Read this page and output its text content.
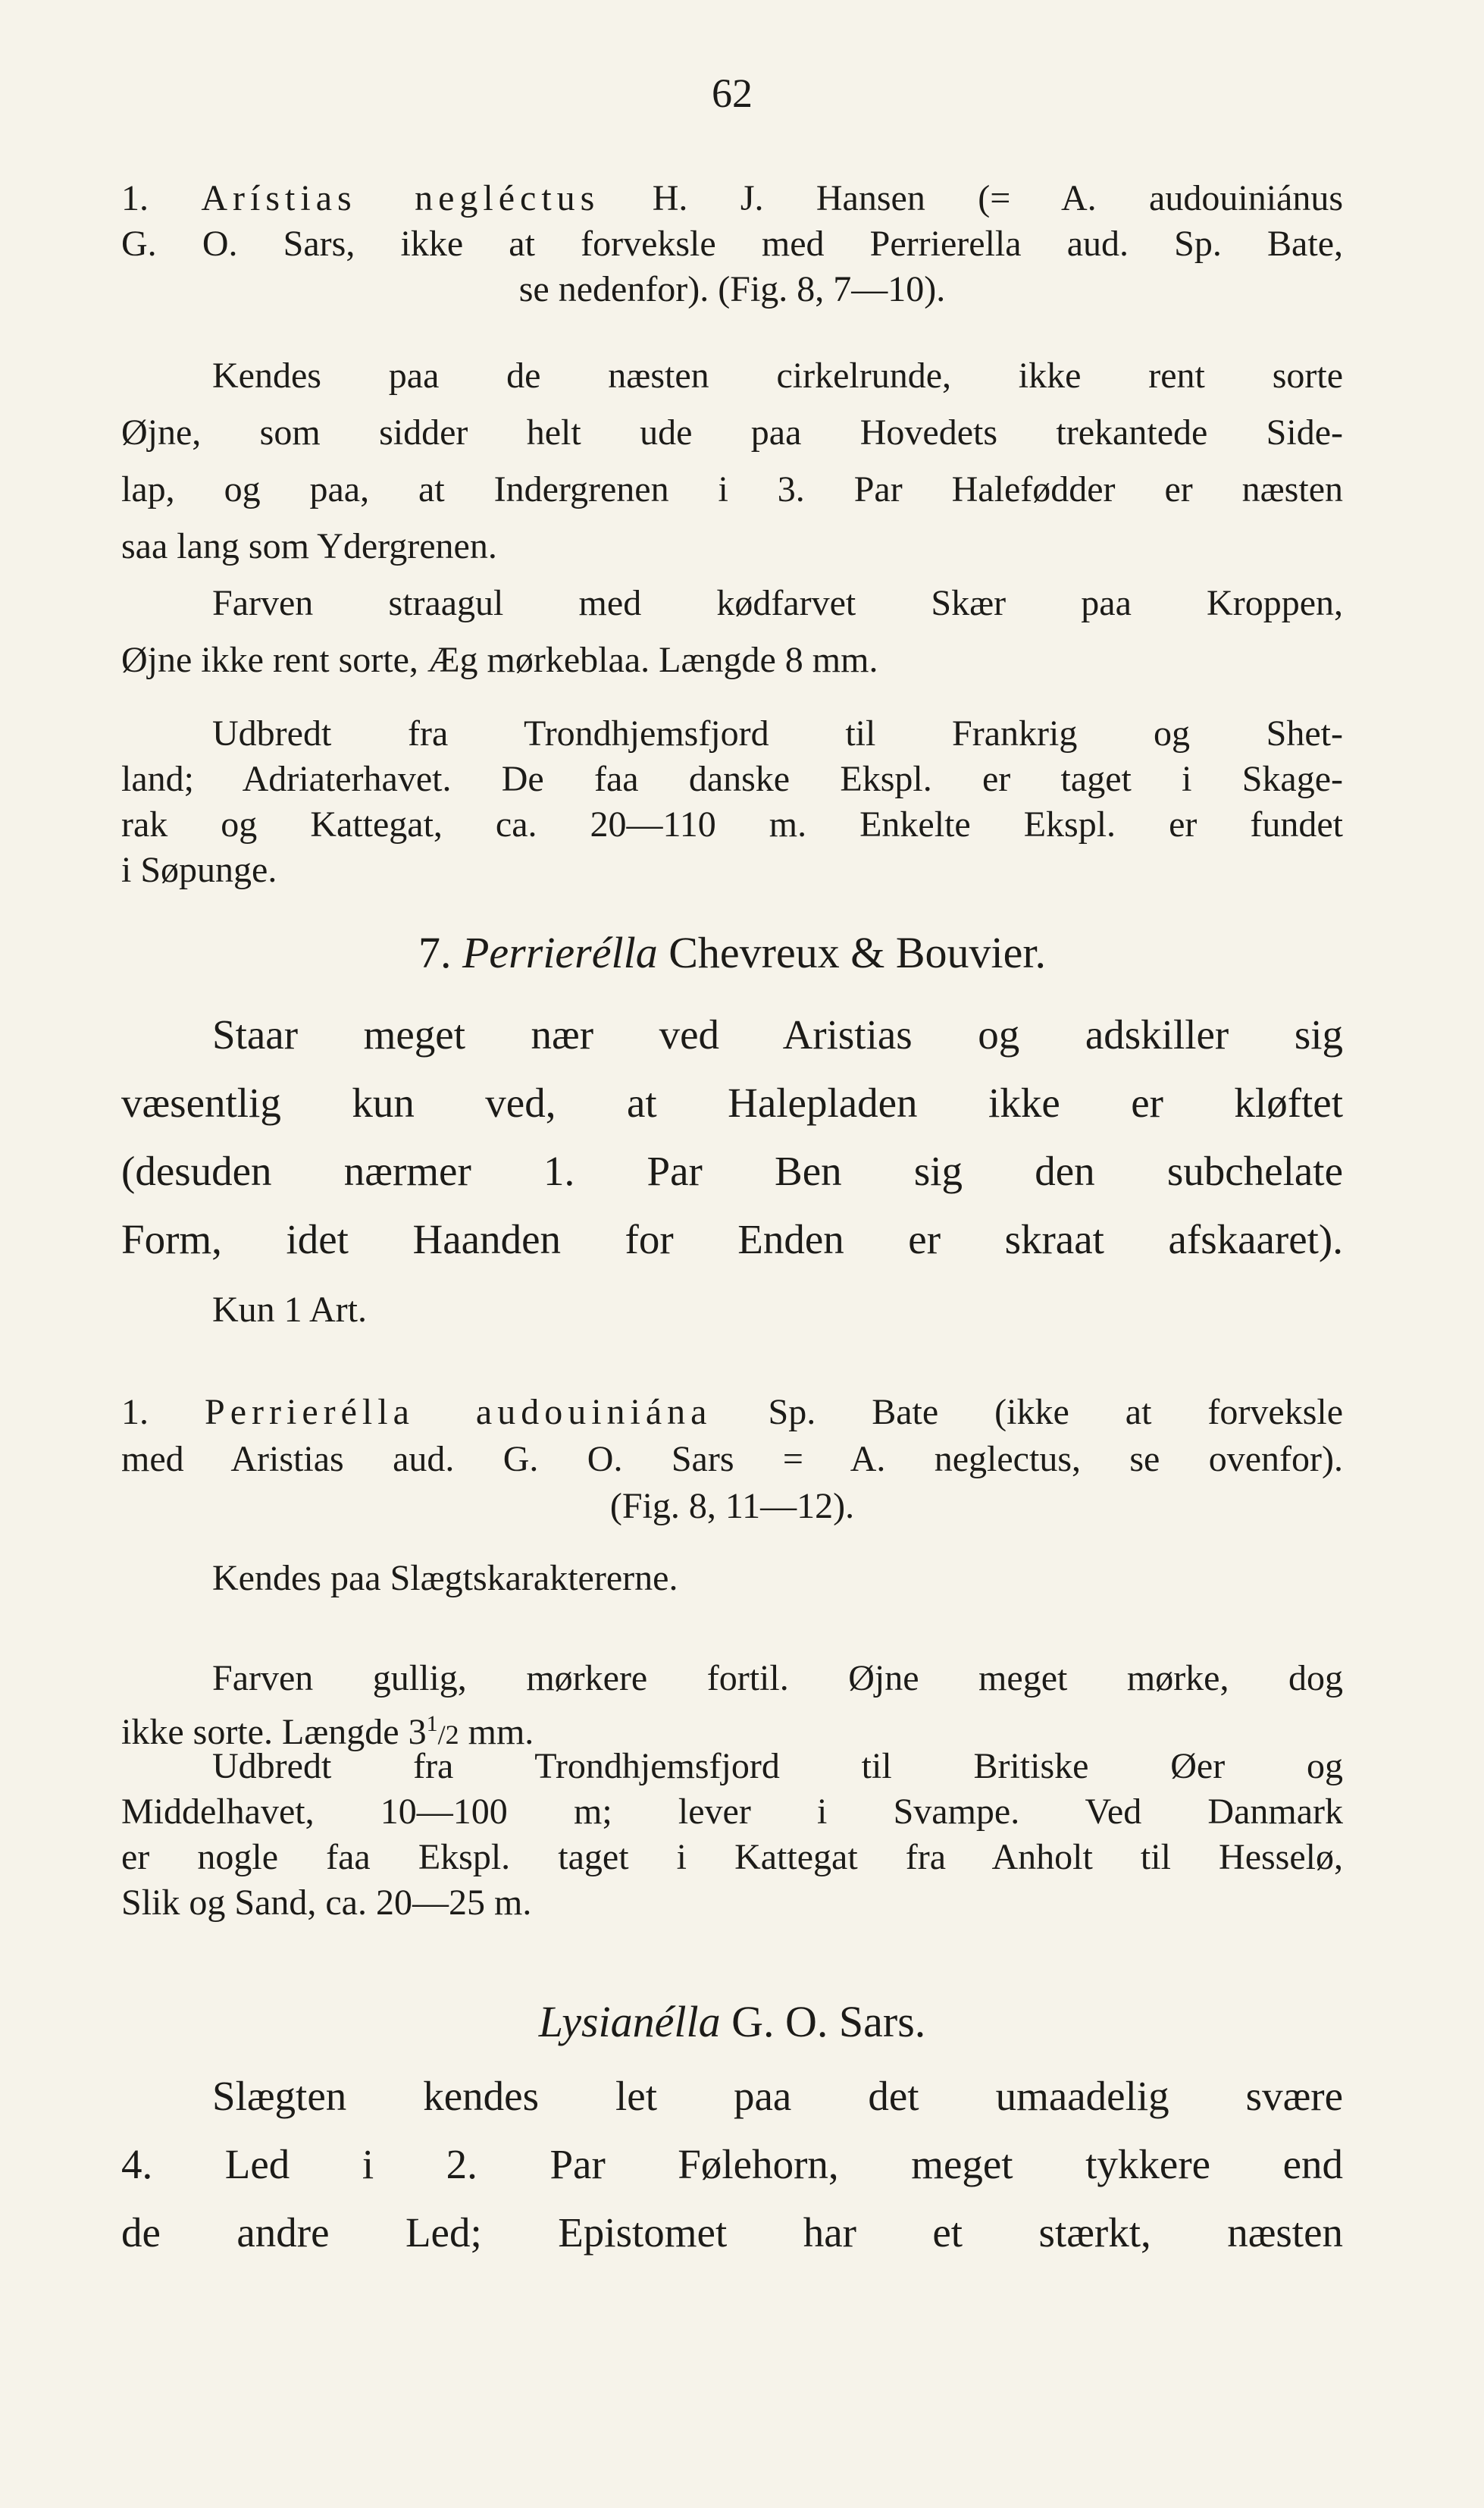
62

1. Arístias negléctus H. J. Hansen (= A. audouiniánus

G. O. Sars, ikke at forveksle med Perrierella aud. Sp. Bate,

se nedenfor). (Fig. 8, 7—10).

Kendes paa de næsten cirkelrunde, ikke rent sorte

Øjne, som sidder helt ude paa Hovedets trekantede Side-

lap, og paa, at Indergrenen i 3. Par Halefødder er næsten

saa lang som Ydergrenen.

Farven straagul med kødfarvet Skær paa Kroppen,

Øjne ikke rent sorte, Æg mørkeblaa. Længde 8 mm.

Udbredt fra Trondhjemsfjord til Frankrig og Shet-

land; Adriaterhavet. De faa danske Ekspl. er taget i Skage-

rak og Kattegat, ca. 20—110 m. Enkelte Ekspl. er fundet

i Søpunge.

7. Perrierélla Chevreux & Bouvier.

Staar meget nær ved Aristias og adskiller sig

væsentlig kun ved, at Halepladen ikke er kløftet

(desuden nærmer 1. Par Ben sig den subchelate

Form, idet Haanden for Enden er skraat afskaaret).

Kun 1 Art.

1. Perrierélla audouiniána Sp. Bate (ikke at forveksle

med Aristias aud. G. O. Sars = A. neglectus, se ovenfor).

(Fig. 8, 11—12).

Kendes paa Slægtskaraktererne.

Farven gullig, mørkere fortil. Øjne meget mørke, dog

ikke sorte. Længde $3^1/2$ mm.

Udbredt fra Trondhjemsfjord til Britiske Øer og

Middelhavet, 10—100 m; lever i Svampe. Ved Danmark

er nogle faa Ekspl. taget i Kattegat fra Anholt til Hesselø,

Slik og Sand, ca. 20—25 m.

Lysianélla G. O. Sars.

Slægten kendes let paa det umaadelig svære

4. Led i 2. Par Følehorn, meget tykkere end

de andre Led; Epistomet har et stærkt, næsten
